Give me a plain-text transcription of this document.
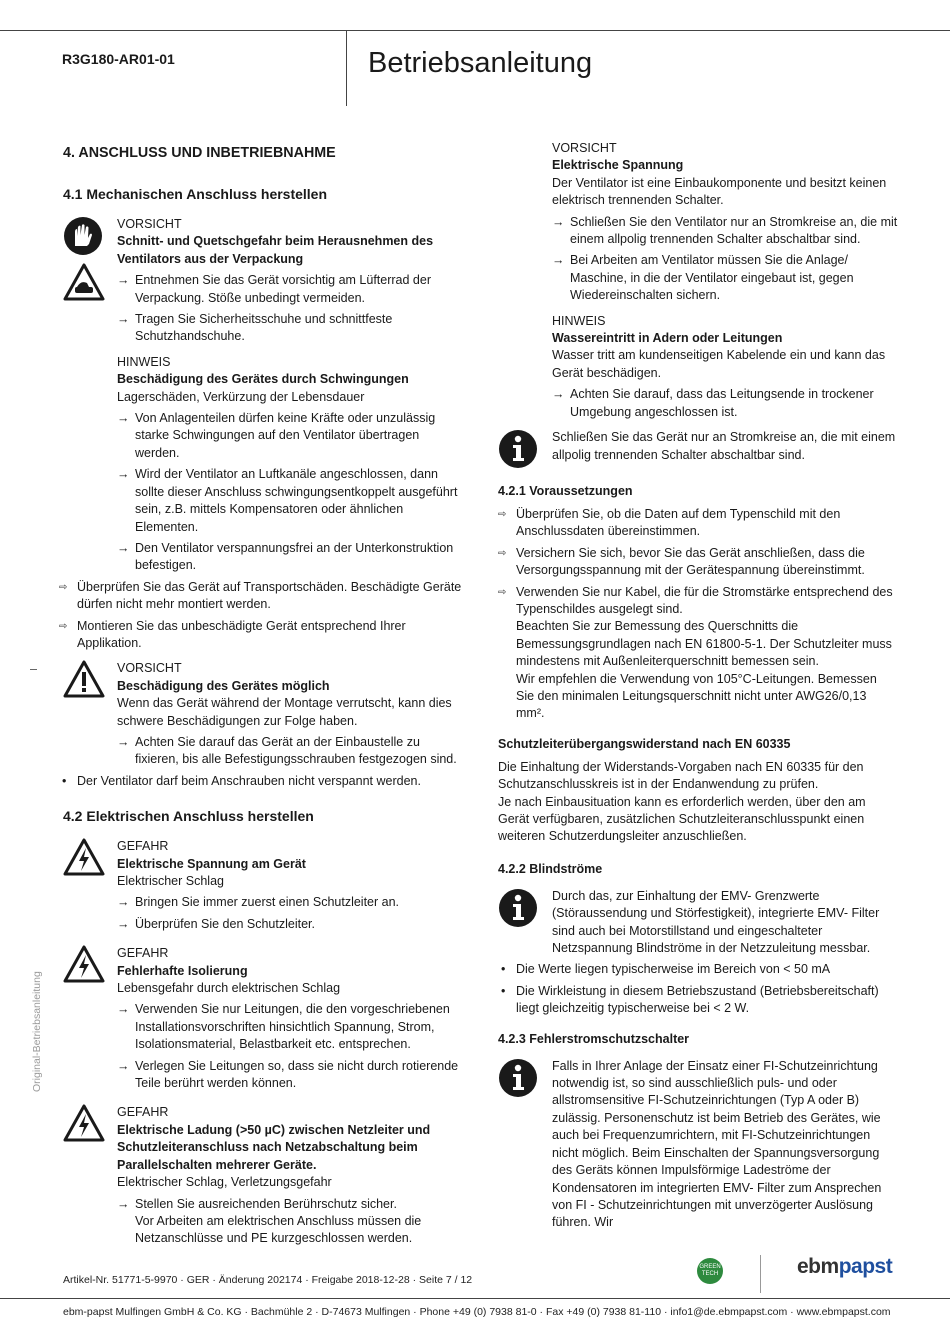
R3G180-AR01-01	Betriebsanleitung
Original-Betriebsanleitung
4. ANSCHLUSS UND INBETRIEBNAHME
4.1 Mechanischen Anschluss herstellen
VORSICHT
Schnitt- und Quetschgefahr beim Herausnehmen des Ventilators aus der Verpackung
→ Entnehmen Sie das Gerät vorsichtig am Lüfterrad der Verpackung. Stöße unbedingt vermeiden.
→ Tragen Sie Sicherheitsschuhe und schnittfeste Schutzhandschuhe.
HINWEIS
Beschädigung des Gerätes durch Schwingungen

Lagerschäden, Verkürzung der Lebensdauer

→ Von Anlagenteilen dürfen keine Kräfte oder unzulässig starke Schwingungen auf den Ventilator übertragen werden.
→ Wird der Ventilator an Luftkanäle angeschlossen, dann sollte dieser Anschluss schwingungsentkoppelt ausgeführt sein, z.B. mittels Kompensatoren oder ähnlichen Elementen.
→ Den Ventilator verspannungsfrei an der Unterkonstruktion befestigen.
⇨ Überprüfen Sie das Gerät auf Transportschäden. Beschädigte Geräte dürfen nicht mehr montiert werden.
⇨ Montieren Sie das unbeschädigte Gerät entsprechend Ihrer Applikation.
VORSICHT
Beschädigung des Gerätes möglich

Wenn das Gerät während der Montage verrutscht, kann dies schwere Beschädigungen zur Folge haben.

→ Achten Sie darauf das Gerät an der Einbaustelle zu fixieren, bis alle Befestigungsschrauben festgezogen sind.
• Der Ventilator darf beim Anschrauben nicht verspannt werden.
4.2 Elektrischen Anschluss herstellen
GEFAHR
Elektrische Spannung am Gerät

Elektrischer Schlag

→ Bringen Sie immer zuerst einen Schutzleiter an.
→ Überprüfen Sie den Schutzleiter.
GEFAHR
Fehlerhafte Isolierung

Lebensgefahr durch elektrischen Schlag

→ Verwenden Sie nur Leitungen, die den vorgeschriebenen Installationsvorschriften hinsichtlich Spannung, Strom, Isolationsmaterial, Belastbarkeit etc. entsprechen.
→ Verlegen Sie Leitungen so, dass sie nicht durch rotierende Teile berührt werden können.
GEFAHR
Elektrische Ladung (>50 µC) zwischen Netzleiter und Schutzleiteranschluss nach Netzabschaltung beim Parallelschalten mehrerer Geräte.

Elektrischer Schlag, Verletzungsgefahr

→ Stellen Sie ausreichenden Berührschutz sicher.
Vor Arbeiten am elektrischen Anschluss müssen die Netzanschlüsse und PE kurzgeschlossen werden.
VORSICHT
Elektrische Spannung

Der Ventilator ist eine Einbaukomponente und besitzt keinen elektrisch trennenden Schalter.

→ Schließen Sie den Ventilator nur an Stromkreise an, die mit einem allpolig trennenden Schalter abschaltbar sind.
→ Bei Arbeiten am Ventilator müssen Sie die Anlage/ Maschine, in die der Ventilator eingebaut ist, gegen Wiedereinschalten sichern.
HINWEIS
Wassereintritt in Adern oder Leitungen

Wasser tritt am kundenseitigen Kabelende ein und kann das Gerät beschädigen.

→ Achten Sie darauf, dass das Leitungsende in trockener Umgebung angeschlossen ist.

Schließen Sie das Gerät nur an Stromkreise an, die mit einem allpolig trennenden Schalter abschaltbar sind.

4.2.1 Voraussetzungen
⇨ Überprüfen Sie, ob die Daten auf dem Typenschild mit den Anschlussdaten übereinstimmen.
⇨ Versichern Sie sich, bevor Sie das Gerät anschließen, dass die Versorgungsspannung mit der Gerätespannung übereinstimmt.
⇨ Verwenden Sie nur Kabel, die für die Stromstärke entsprechend des Typenschildes ausgelegt sind.
Beachten Sie zur Bemessung des Querschnitts die Bemessungsgrundlagen nach EN 61800-5-1. Der Schutzleiter muss mindestens mit Außenleiterquerschnitt bemessen sein.
Wir empfehlen die Verwendung von 105°C-Leitungen. Bemessen Sie den minimalen Leitungsquerschnitt nicht unter AWG26/0,13 mm².
Schutzleiterübergangswiderstand nach EN 60335

Die Einhaltung der Widerstands-Vorgaben nach EN 60335 für den Schutzanschlusskreis ist in der Endanwendung zu prüfen.

Je nach Einbausituation kann es erforderlich werden, über den am Gerät verfügbaren, zusätzlichen Schutzleiteranschlusspunkt einen weiteren Schutzerdungsleiter anzuschließen.

4.2.2 Blindströme

Durch das, zur Einhaltung der EMV- Grenzwerte (Störaussendung und Störfestigkeit), integrierte EMV- Filter sind auch bei Motorstillstand und eingeschalteter Netzspannung Blindströme in der Netzzuleitung messbar.

• Die Werte liegen typischerweise im Bereich von < 50 mA
• Die Wirkleistung in diesem Betriebszustand (Betriebsbereitschaft) liegt gleichzeitig typischerweise bei < 2 W.
4.2.3 Fehlerstromschutzschalter

Falls in Ihrer Anlage der Einsatz einer FI-Schutzeinrichtung notwendig ist, so sind ausschließlich puls- und oder allstromsensitive FI-Schutzeinrichtungen (Typ A oder B) zulässig. Personenschutz ist beim Betrieb des Gerätes, wie auch bei Frequenzumrichtern, mit FI-Schutzeinrichtungen nicht möglich. Beim Einschalten der Spannungsversorgung des Geräts können Impulsförmige Ladeströme der Kondensatoren im integrierten EMV- Filter zum Ansprechen von FI - Schutzeinrichtungen mit unverzögerter Auslösung führen. Wir

Artikel-Nr. 51771-5-9970 · GER · Änderung 202174 · Freigabe 2018-12-28 · Seite 7 / 12
GREEN TECH	ebmpapst
ebm-papst Mulfingen GmbH & Co. KG · Bachmühle 2 · D-74673 Mulfingen · Phone +49 (0) 7938 81-0 · Fax +49 (0) 7938 81-110 · info1@de.ebmpapst.com · www.ebmpapst.com
